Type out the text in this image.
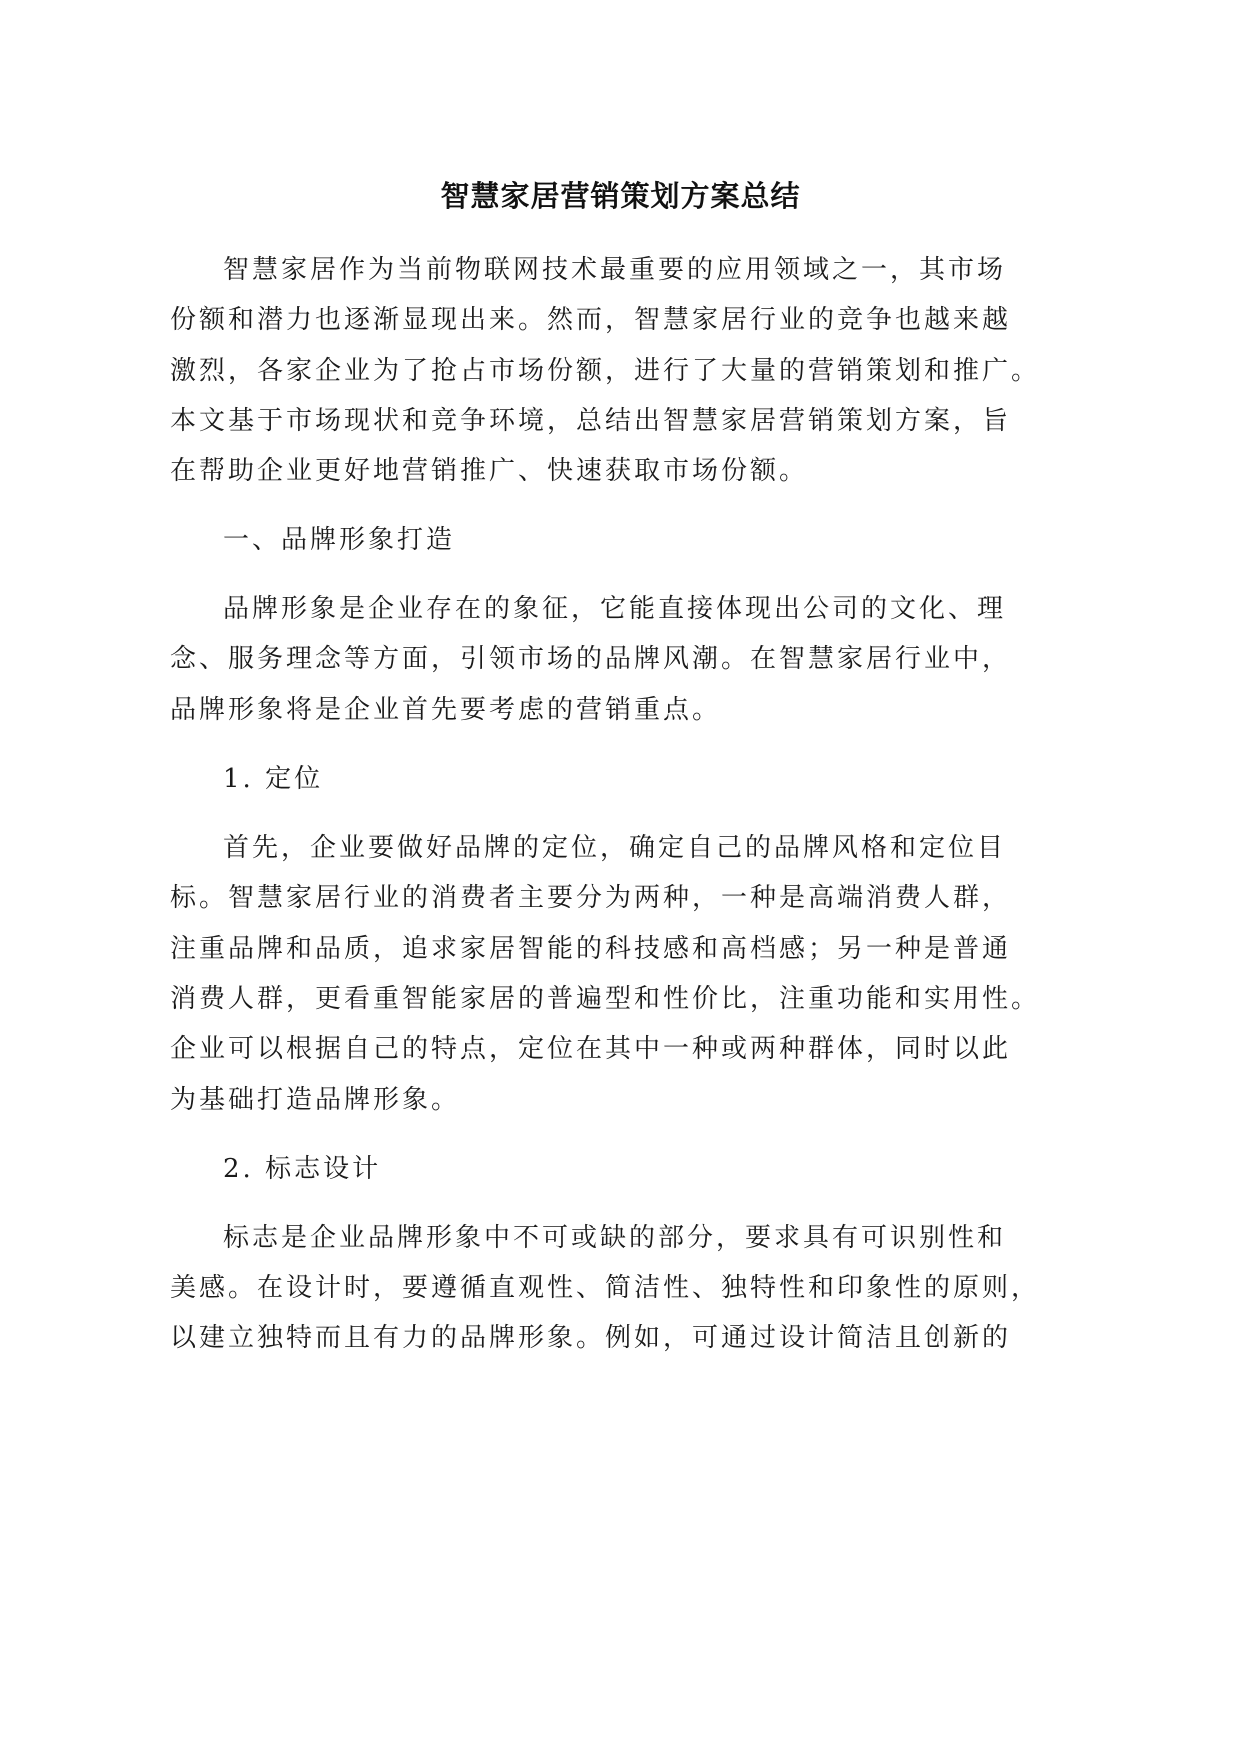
智慧家居营销策划方案总结
智慧家居作为当前物联网技术最重要的应用领域之一，其市场
份额和潜力也逐渐显现出来。然而，智慧家居行业的竞争也越来越
激烈，各家企业为了抢占市场份额，进行了大量的营销策划和推广。
本文基于市场现状和竞争环境，总结出智慧家居营销策划方案，旨
在帮助企业更好地营销推广、快速获取市场份额。
一、品牌形象打造
品牌形象是企业存在的象征，它能直接体现出公司的文化、理
念、服务理念等方面，引领市场的品牌风潮。在智慧家居行业中，
品牌形象将是企业首先要考虑的营销重点。
1. 定位
首先，企业要做好品牌的定位，确定自己的品牌风格和定位目
标。智慧家居行业的消费者主要分为两种，一种是高端消费人群，
注重品牌和品质，追求家居智能的科技感和高档感；另一种是普通
消费人群，更看重智能家居的普遍型和性价比，注重功能和实用性。
企业可以根据自己的特点，定位在其中一种或两种群体，同时以此
为基础打造品牌形象。
2. 标志设计
标志是企业品牌形象中不可或缺的部分，要求具有可识别性和
美感。在设计时，要遵循直观性、简洁性、独特性和印象性的原则，
以建立独特而且有力的品牌形象。例如，可通过设计简洁且创新的
